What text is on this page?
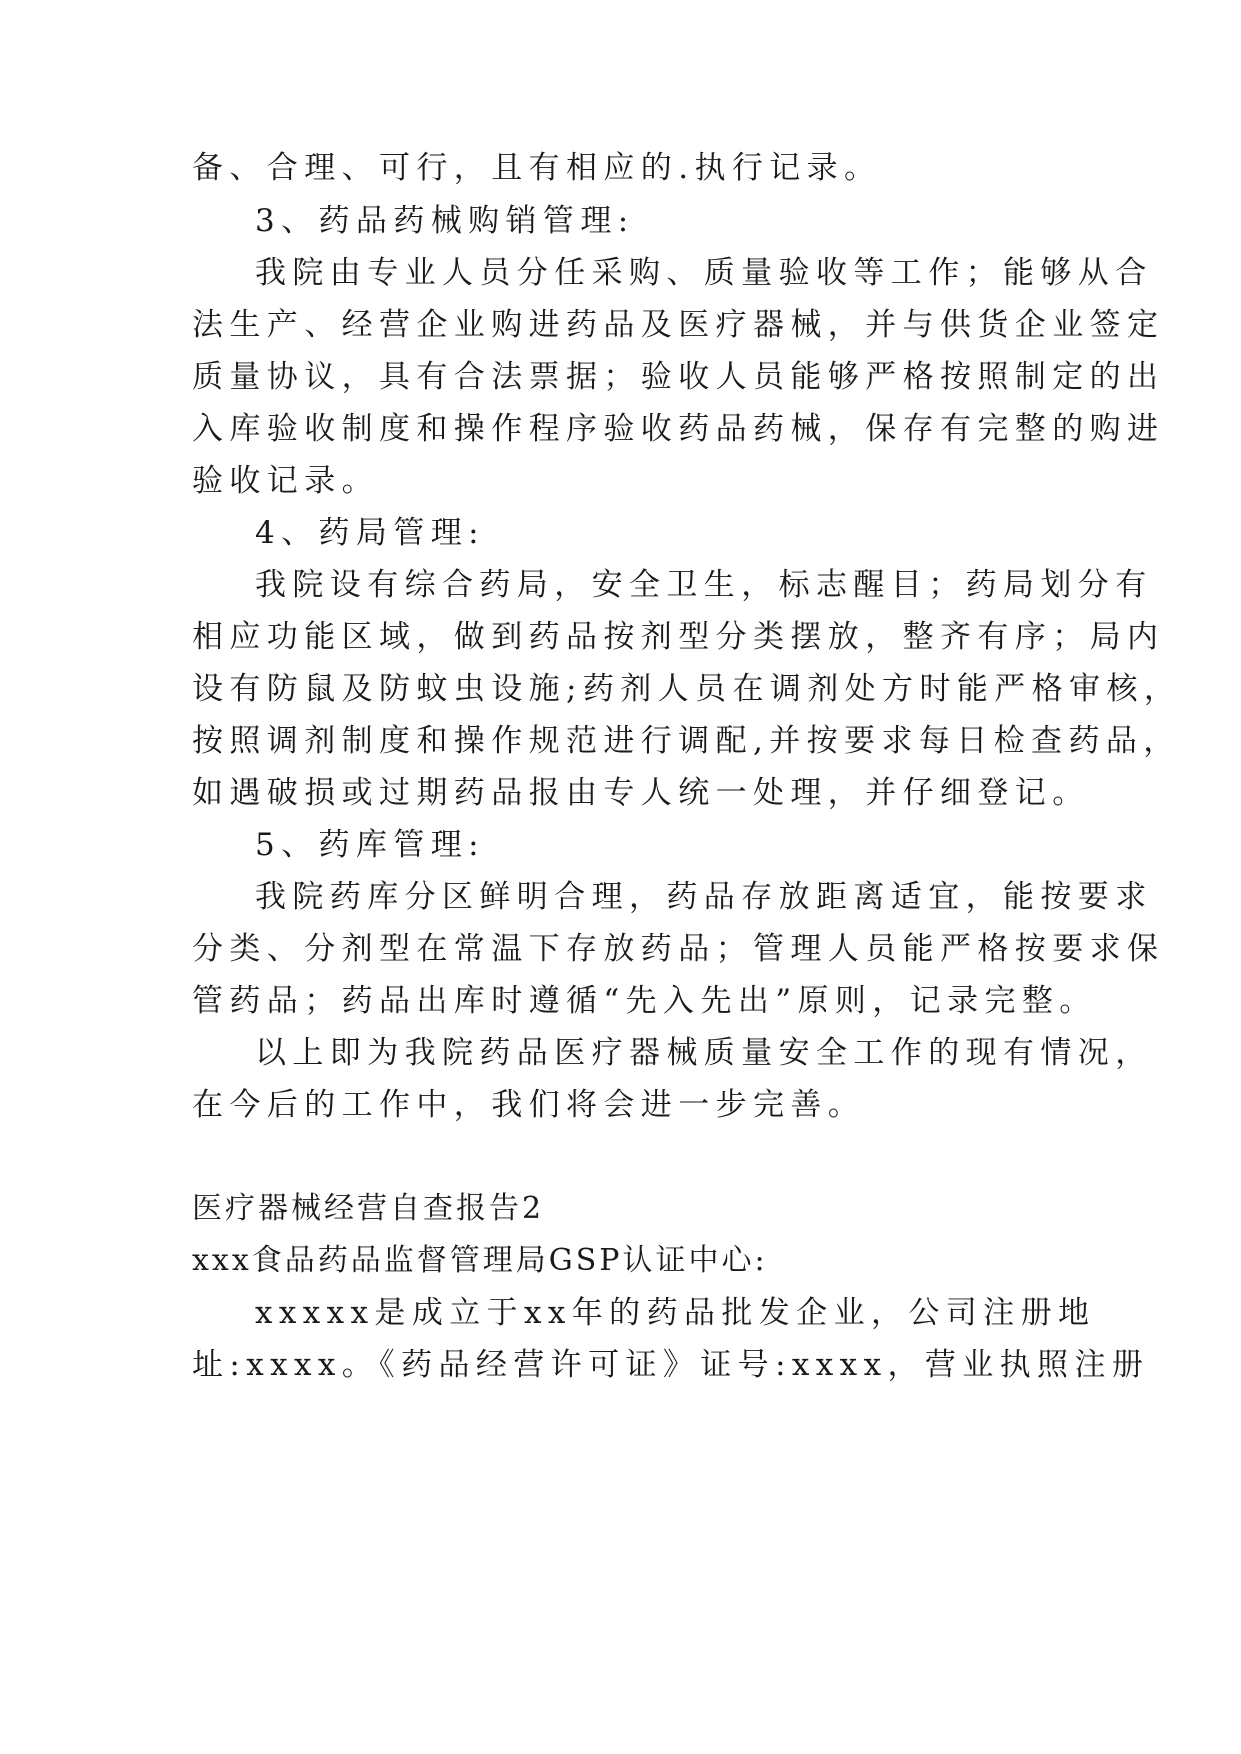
备、合理、可行，且有相应的.执行记录。
3、药品药械购销管理:
我院由专业人员分任采购、质量验收等工作；能够从合
法生产、经营企业购进药品及医疗器械，并与供货企业签定
质量协议，具有合法票据；验收人员能够严格按照制定的出
入库验收制度和操作程序验收药品药械，保存有完整的购进
验收记录。
4、药局管理:
我院设有综合药局，安全卫生，标志醒目；药局划分有
相应功能区域，做到药品按剂型分类摆放，整齐有序；局内
设有防鼠及防蚊虫设施;药剂人员在调剂处方时能严格审核，
按照调剂制度和操作规范进行调配,并按要求每日检查药品，
如遇破损或过期药品报由专人统一处理，并仔细登记。
5、药库管理:
我院药库分区鲜明合理，药品存放距离适宜，能按要求
分类、分剂型在常温下存放药品；管理人员能严格按要求保
管药品；药品出库时遵循“先入先出”原则，记录完整。
以上即为我院药品医疗器械质量安全工作的现有情况，
在今后的工作中，我们将会进一步完善。
医疗器械经营自查报告2
xxx食品药品监督管理局GSP认证中心:
xxxxx是成立于xx年的药品批发企业，公司注册地
址:xxxx。《药品经营许可证》证号:xxxx，营业执照注册
